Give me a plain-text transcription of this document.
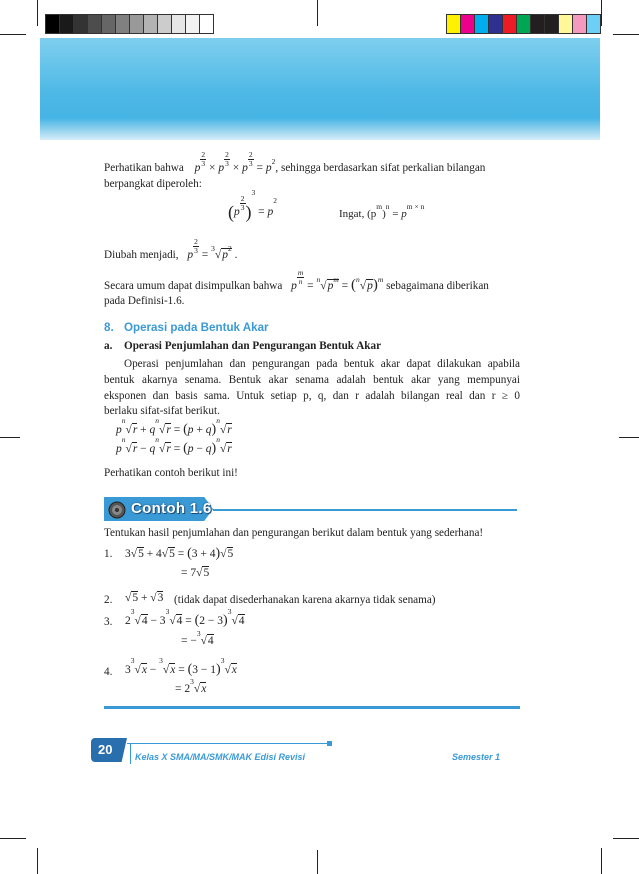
Perhatikan bahwa p
$\frac{2}{3}$
× p
$\frac{2}{3}$
× p
$\frac{2}{3}$
= $p^2$, sehingga berdasarkan sifat perkalian bilangan
berpangkat diperoleh:
(p
$\frac{2}{3} )^3 = p^2$
Ingat, $(p^m)^n = p^{m \times n}$
Diubah menjadi, p
$\frac{2}{3}$
= $^3√p^2$ .
Secara umum dapat disimpulkan bahwa p
$\frac{m}{n}$
= $^n√p^m = (^n√p)^m$ sebagaimana diberikan
pada Definisi-1.6.
8. Operasi pada Bentuk Akar
a. Operasi Penjumlahan dan Pengurangan Bentuk Akar
Operasi penjumlahan dan pengurangan pada bentuk akar dapat dilakukan apabila
bentuk akarnya senama. Bentuk akar senama adalah bentuk akar yang mempunyai
eksponen dan basis sama. Untuk setiap p, q, dan r adalah bilangan real dan r ≥ 0
berlaku sifat-sifat berikut.
$p^n√r + q^n√r = (p + q)^n√r$
$p^n√r - q^n√r = (p - q)^n√r$
Perhatikan contoh berikut ini!
Contoh 1.6
Tentukan hasil penjumlahan dan pengurangan berikut dalam bentuk yang sederhana!
1. 3√5 + 4√5 = (3 + 4)√5
= 7√5
2. √5 + √3 (tidak dapat disederhanakan karena akarnya tidak senama)
3. $2^3√4 - 3^3√4 = (2 - 3)^3√4$
= −$^3$√4
4. $3^3√x - ^3√x = (3 - 1)^3√x$
= $2^3√x$
20	Kelas X SMA/MA/SMK/MAK Edisi Revisi	Semester 1
